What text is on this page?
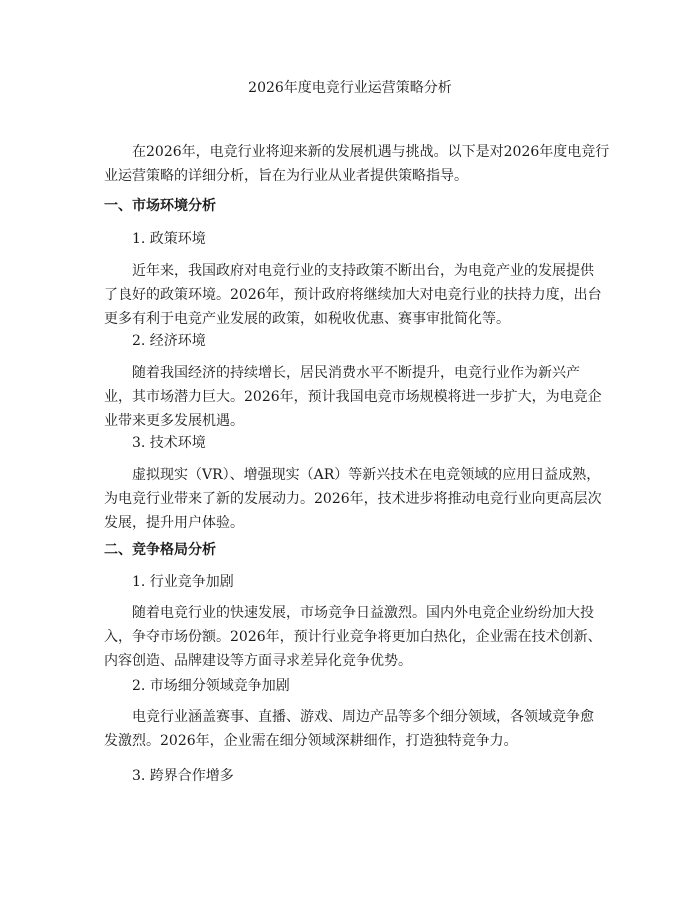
2026年度电竞行业运营策略分析

在2026年，电竞行业将迎来新的发展机遇与挑战。以下是对2026年度电竞行业运营策略的详细分析，旨在为行业从业者提供策略指导。

一、市场环境分析
1. 政策环境

近年来，我国政府对电竞行业的支持政策不断出台，为电竞产业的发展提供了良好的政策环境。2026年，预计政府将继续加大对电竞行业的扶持力度，出台更多有利于电竞产业发展的政策，如税收优惠、赛事审批简化等。

2. 经济环境

随着我国经济的持续增长，居民消费水平不断提升，电竞行业作为新兴产业，其市场潜力巨大。2026年，预计我国电竞市场规模将进一步扩大，为电竞企业带来更多发展机遇。

3. 技术环境

虚拟现实（VR）、增强现实（AR）等新兴技术在电竞领域的应用日益成熟，为电竞行业带来了新的发展动力。2026年，技术进步将推动电竞行业向更高层次发展，提升用户体验。

二、竞争格局分析
1. 行业竞争加剧

随着电竞行业的快速发展，市场竞争日益激烈。国内外电竞企业纷纷加大投入，争夺市场份额。2026年，预计行业竞争将更加白热化，企业需在技术创新、内容创造、品牌建设等方面寻求差异化竞争优势。

2. 市场细分领域竞争加剧

电竞行业涵盖赛事、直播、游戏、周边产品等多个细分领域，各领域竞争愈发激烈。2026年，企业需在细分领域深耕细作，打造独特竞争力。

3. 跨界合作增多
